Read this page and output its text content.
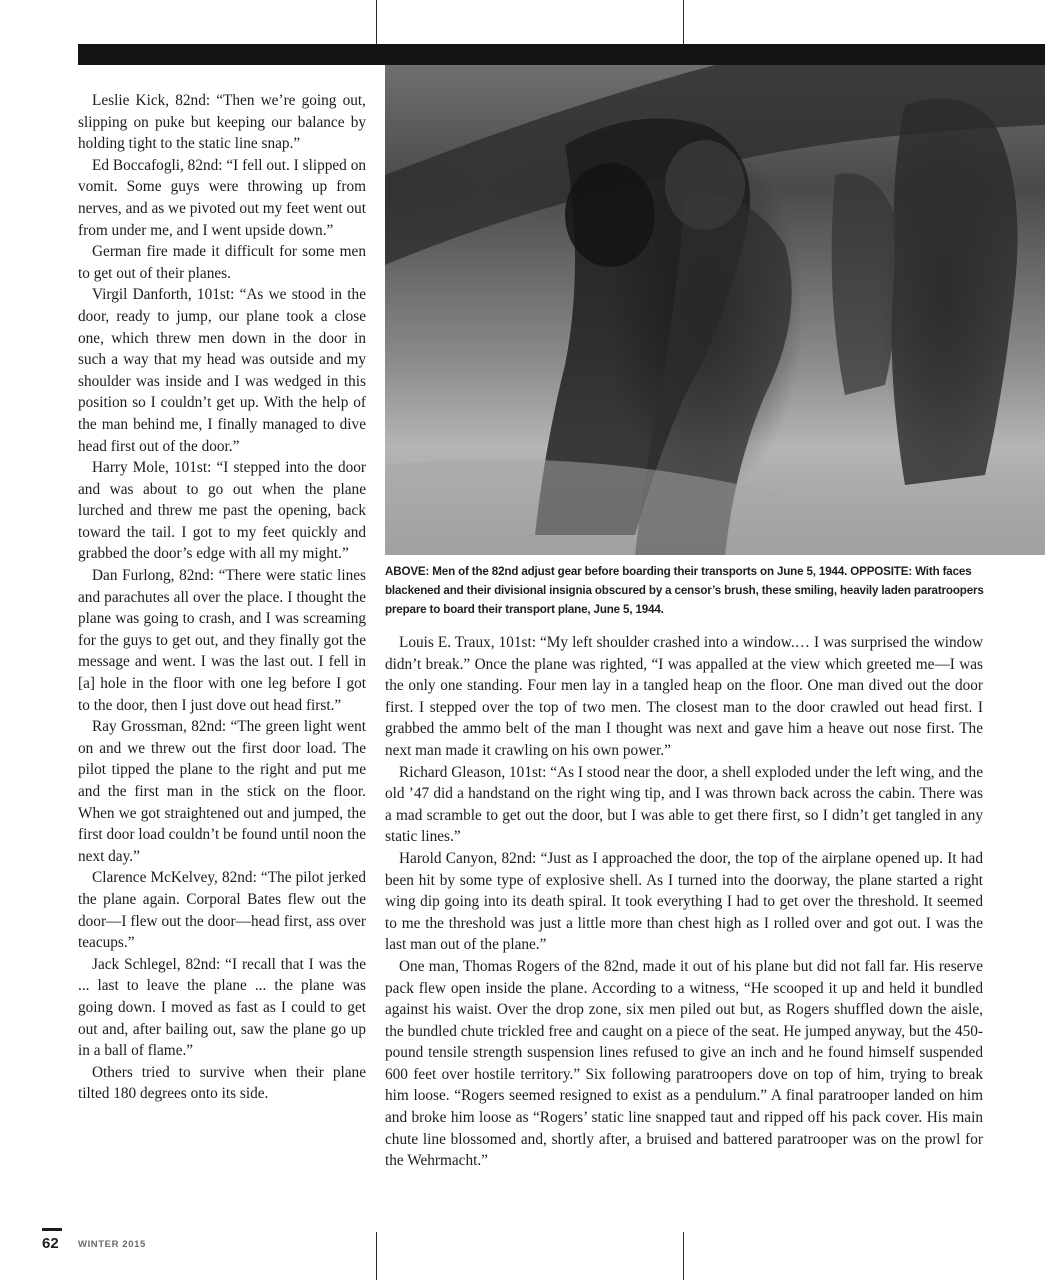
Leslie Kick, 82nd: “Then we’re going out, slipping on puke but keeping our balance by holding tight to the static line snap.”

Ed Boccafogli, 82nd: “I fell out. I slipped on vomit. Some guys were throwing up from nerves, and as we pivoted out my feet went out from under me, and I went upside down.”

German fire made it difficult for some men to get out of their planes.

Virgil Danforth, 101st: “As we stood in the door, ready to jump, our plane took a close one, which threw men down in the door in such a way that my head was outside and my shoulder was inside and I was wedged in this position so I couldn’t get up. With the help of the man behind me, I finally managed to dive head first out of the door.”

Harry Mole, 101st: “I stepped into the door and was about to go out when the plane lurched and threw me past the opening, back toward the tail. I got to my feet quickly and grabbed the door’s edge with all my might.”

Dan Furlong, 82nd: “There were static lines and parachutes all over the place. I thought the plane was going to crash, and I was screaming for the guys to get out, and they finally got the message and went. I was the last out. I fell in [a] hole in the floor with one leg before I got to the door, then I just dove out head first.”

Ray Grossman, 82nd: “The green light went on and we threw out the first door load. The pilot tipped the plane to the right and put me and the first man in the stick on the floor. When we got straightened out and jumped, the first door load couldn’t be found until noon the next day.”

Clarence McKelvey, 82nd: “The pilot jerked the plane again. Corporal Bates flew out the door—I flew out the door—head first, ass over teacups.”

Jack Schlegel, 82nd: “I recall that I was the ... last to leave the plane ... the plane was going down. I moved as fast as I could to get out and, after bailing out, saw the plane go up in a ball of flame.”

Others tried to survive when their plane tilted 180 degrees onto its side.

ABOVE: Men of the 82nd adjust gear before boarding their transports on June 5, 1944. OPPOSITE: With faces blackened and their divisional insignia obscured by a censor’s brush, these smiling, heavily laden paratroopers prepare to board their transport plane, June 5, 1944.

Louis E. Traux, 101st: “My left shoulder crashed into a window.… I was surprised the window didn’t break.” Once the plane was righted, “I was appalled at the view which greeted me—I was the only one standing. Four men lay in a tangled heap on the floor. One man dived out the door first. I stepped over the top of two men. The closest man to the door crawled out head first. I grabbed the ammo belt of the man I thought was next and gave him a heave out nose first. The next man made it crawling on his own power.”

Richard Gleason, 101st: “As I stood near the door, a shell exploded under the left wing, and the old ’47 did a handstand on the right wing tip, and I was thrown back across the cabin. There was a mad scramble to get out the door, but I was able to get there first, so I didn’t get tangled in any static lines.”

Harold Canyon, 82nd: “Just as I approached the door, the top of the airplane opened up. It had been hit by some type of explosive shell. As I turned into the doorway, the plane started a right wing dip going into its death spiral. It took everything I had to get over the threshold. It seemed to me the threshold was just a little more than chest high as I rolled over and got out. I was the last man out of the plane.”

One man, Thomas Rogers of the 82nd, made it out of his plane but did not fall far. His reserve pack flew open inside the plane. According to a witness, “He scooped it up and held it bundled against his waist. Over the drop zone, six men piled out but, as Rogers shuffled down the aisle, the bundled chute trickled free and caught on a piece of the seat. He jumped anyway, but the 450-pound tensile strength suspension lines refused to give an inch and he found himself suspended 600 feet over hostile territory.” Six following paratroopers dove on top of him, trying to break him loose. “Rogers seemed resigned to exist as a pendulum.” A final paratrooper landed on him and broke him loose as “Rogers’ static line snapped taut and ripped off his pack cover. His main chute line blossomed and, shortly after, a bruised and battered paratrooper was on the prowl for the Wehrmacht.”

62 WINTER 2015
